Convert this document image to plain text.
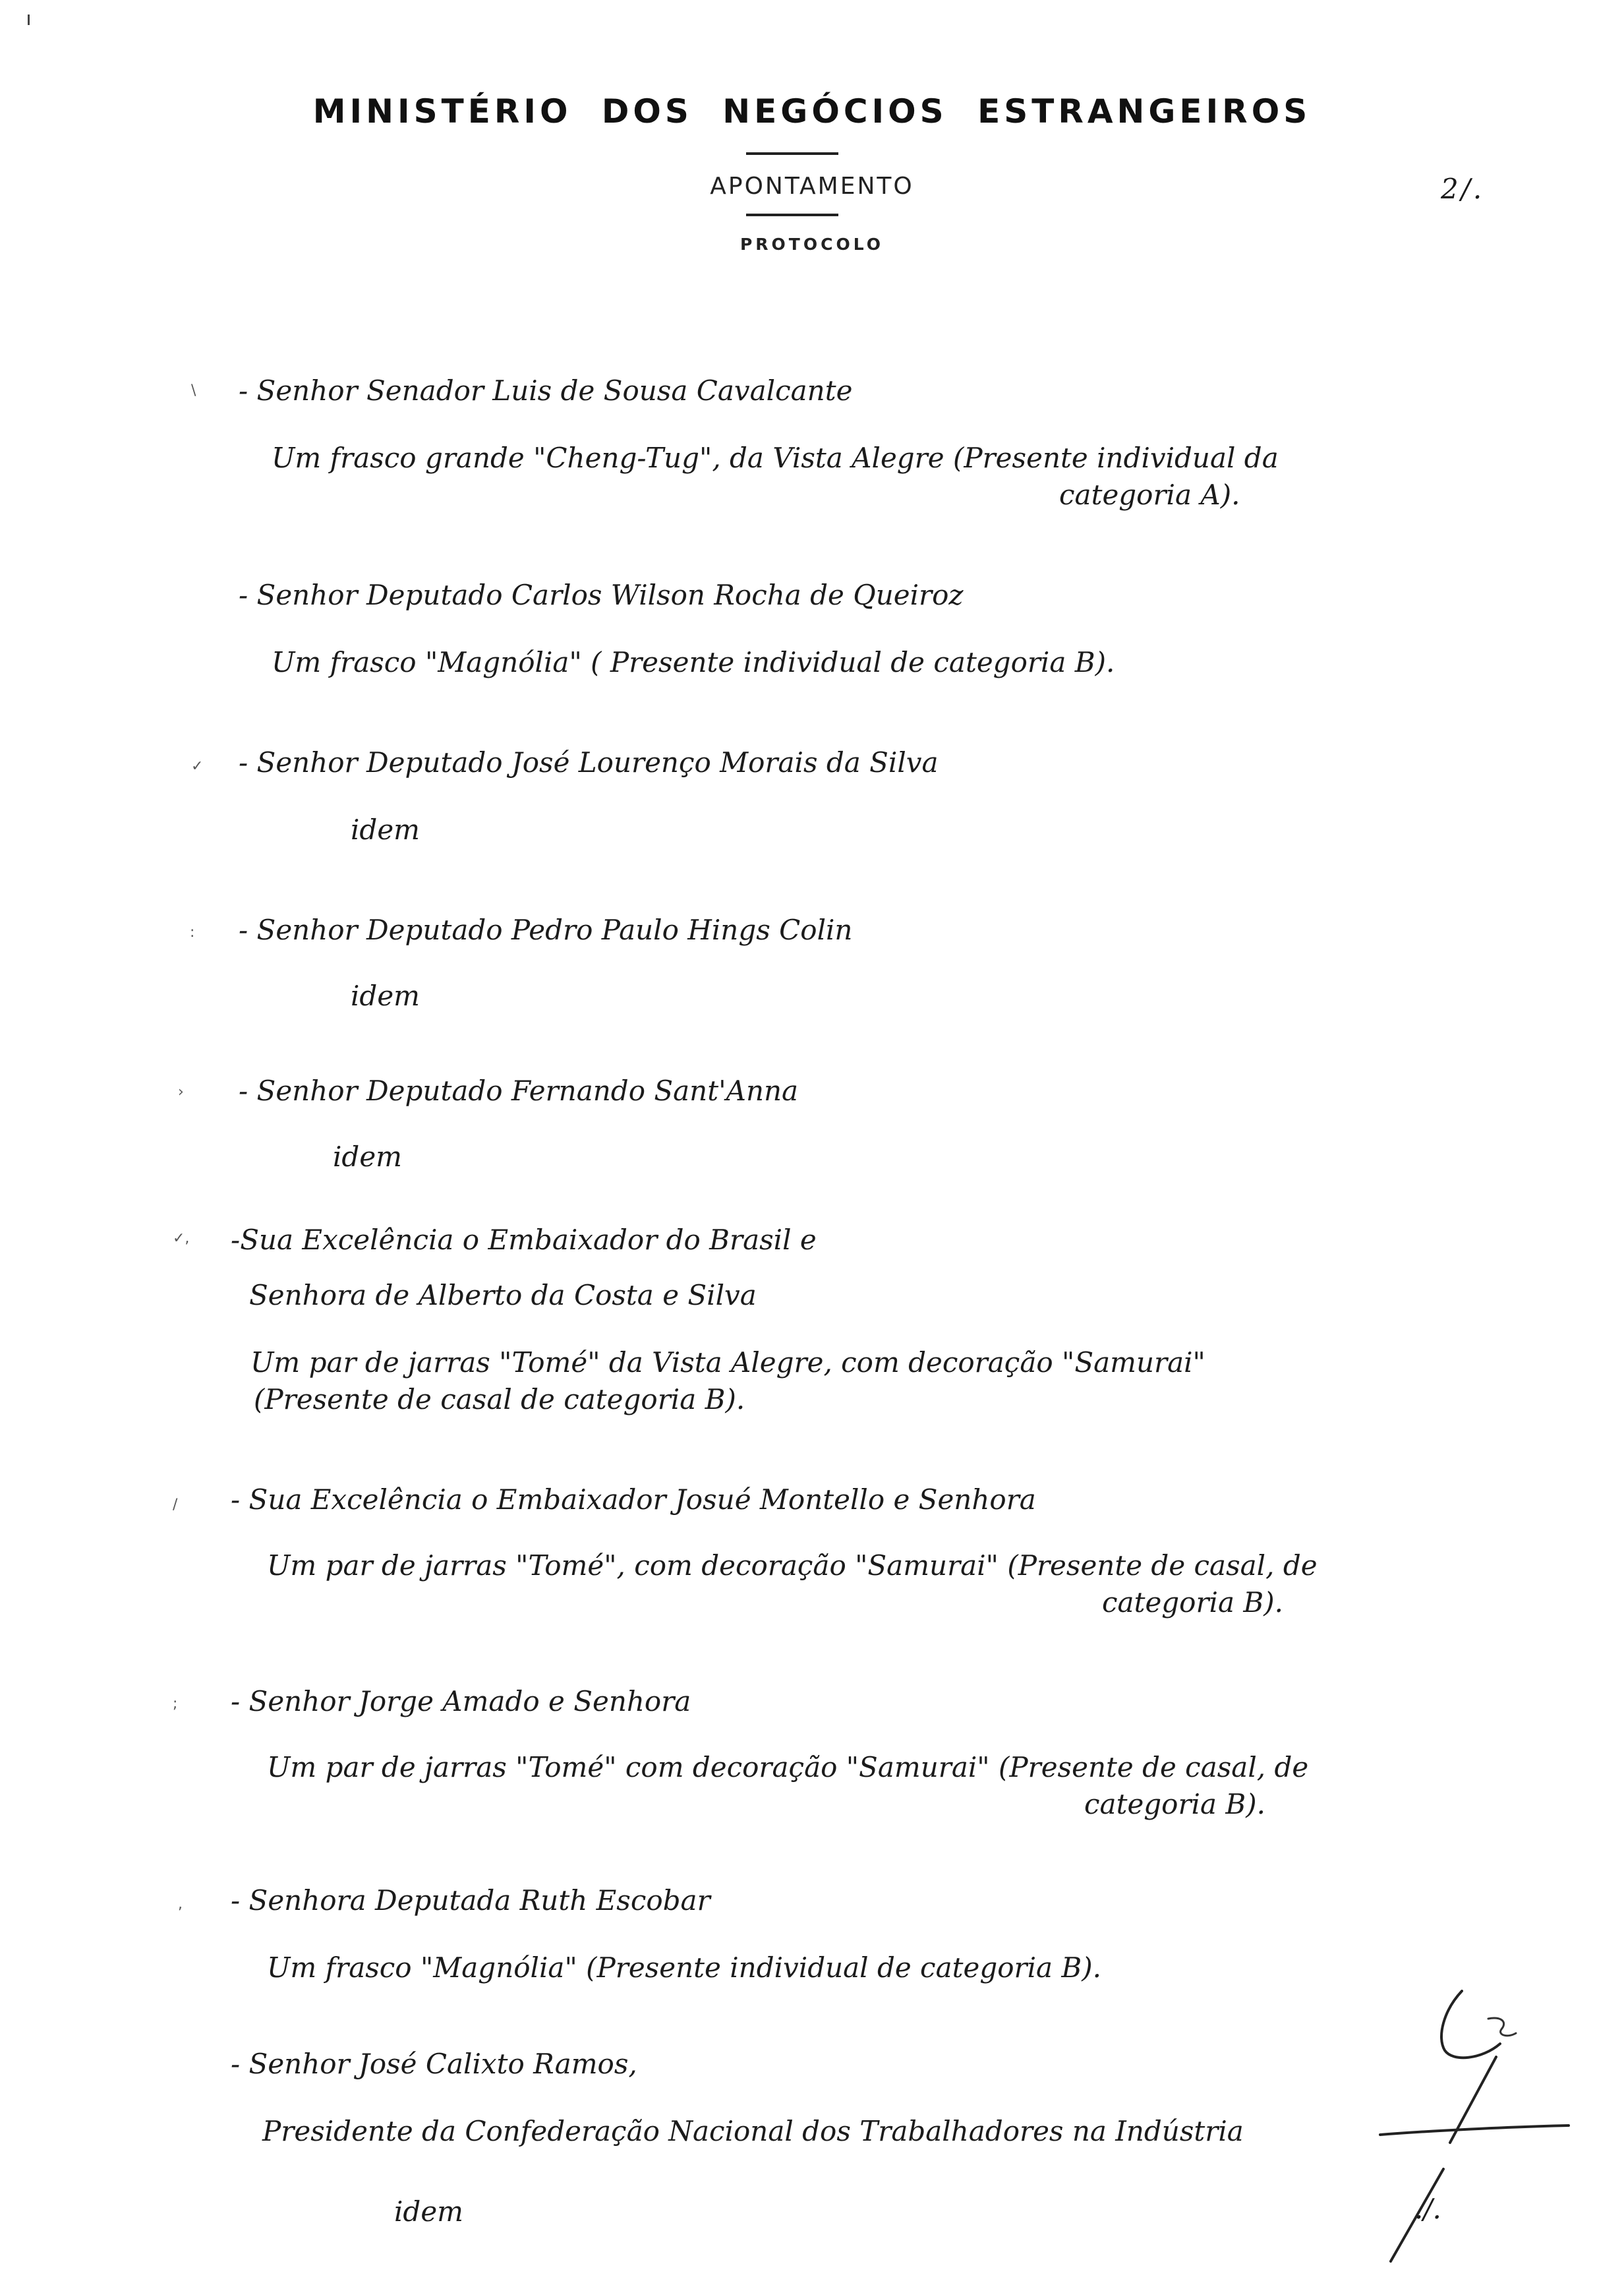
MINISTÉRIO DOS NEGÓCIOS ESTRANGEIROS
APONTAMENTO
PROTOCOLO
2/.
\ - Senhor Senador Luis de Sousa Cavalcante
Um frasco grande "Cheng-Tug", da Vista Alegre (Presente individual da
categoria A).
- Senhor Deputado Carlos Wilson Rocha de Queiroz
Um frasco "Magnólia" ( Presente individual de categoria B).
✓ - Senhor Deputado José Lourenço Morais da Silva
idem
: - Senhor Deputado Pedro Paulo Hings Colin
idem
› - Senhor Deputado Fernando Sant'Anna
idem
✓, -Sua Excelência o Embaixador do Brasil e
Senhora de Alberto da Costa e Silva
Um par de jarras "Tomé" da Vista Alegre, com decoração "Samurai"
(Presente de casal de categoria B).
/ - Sua Excelência o Embaixador Josué Montello e Senhora
Um par de jarras "Tomé", com decoração "Samurai" (Presente de casal, de
categoria B).
; - Senhor Jorge Amado e Senhora
Um par de jarras "Tomé" com decoração "Samurai" (Presente de casal, de
categoria B).
, - Senhora Deputada Ruth Escobar
Um frasco "Magnólia" (Presente individual de categoria B).
- Senhor José Calixto Ramos,
Presidente da Confederação Nacional dos Trabalhadores na Indústria
idem	./.
